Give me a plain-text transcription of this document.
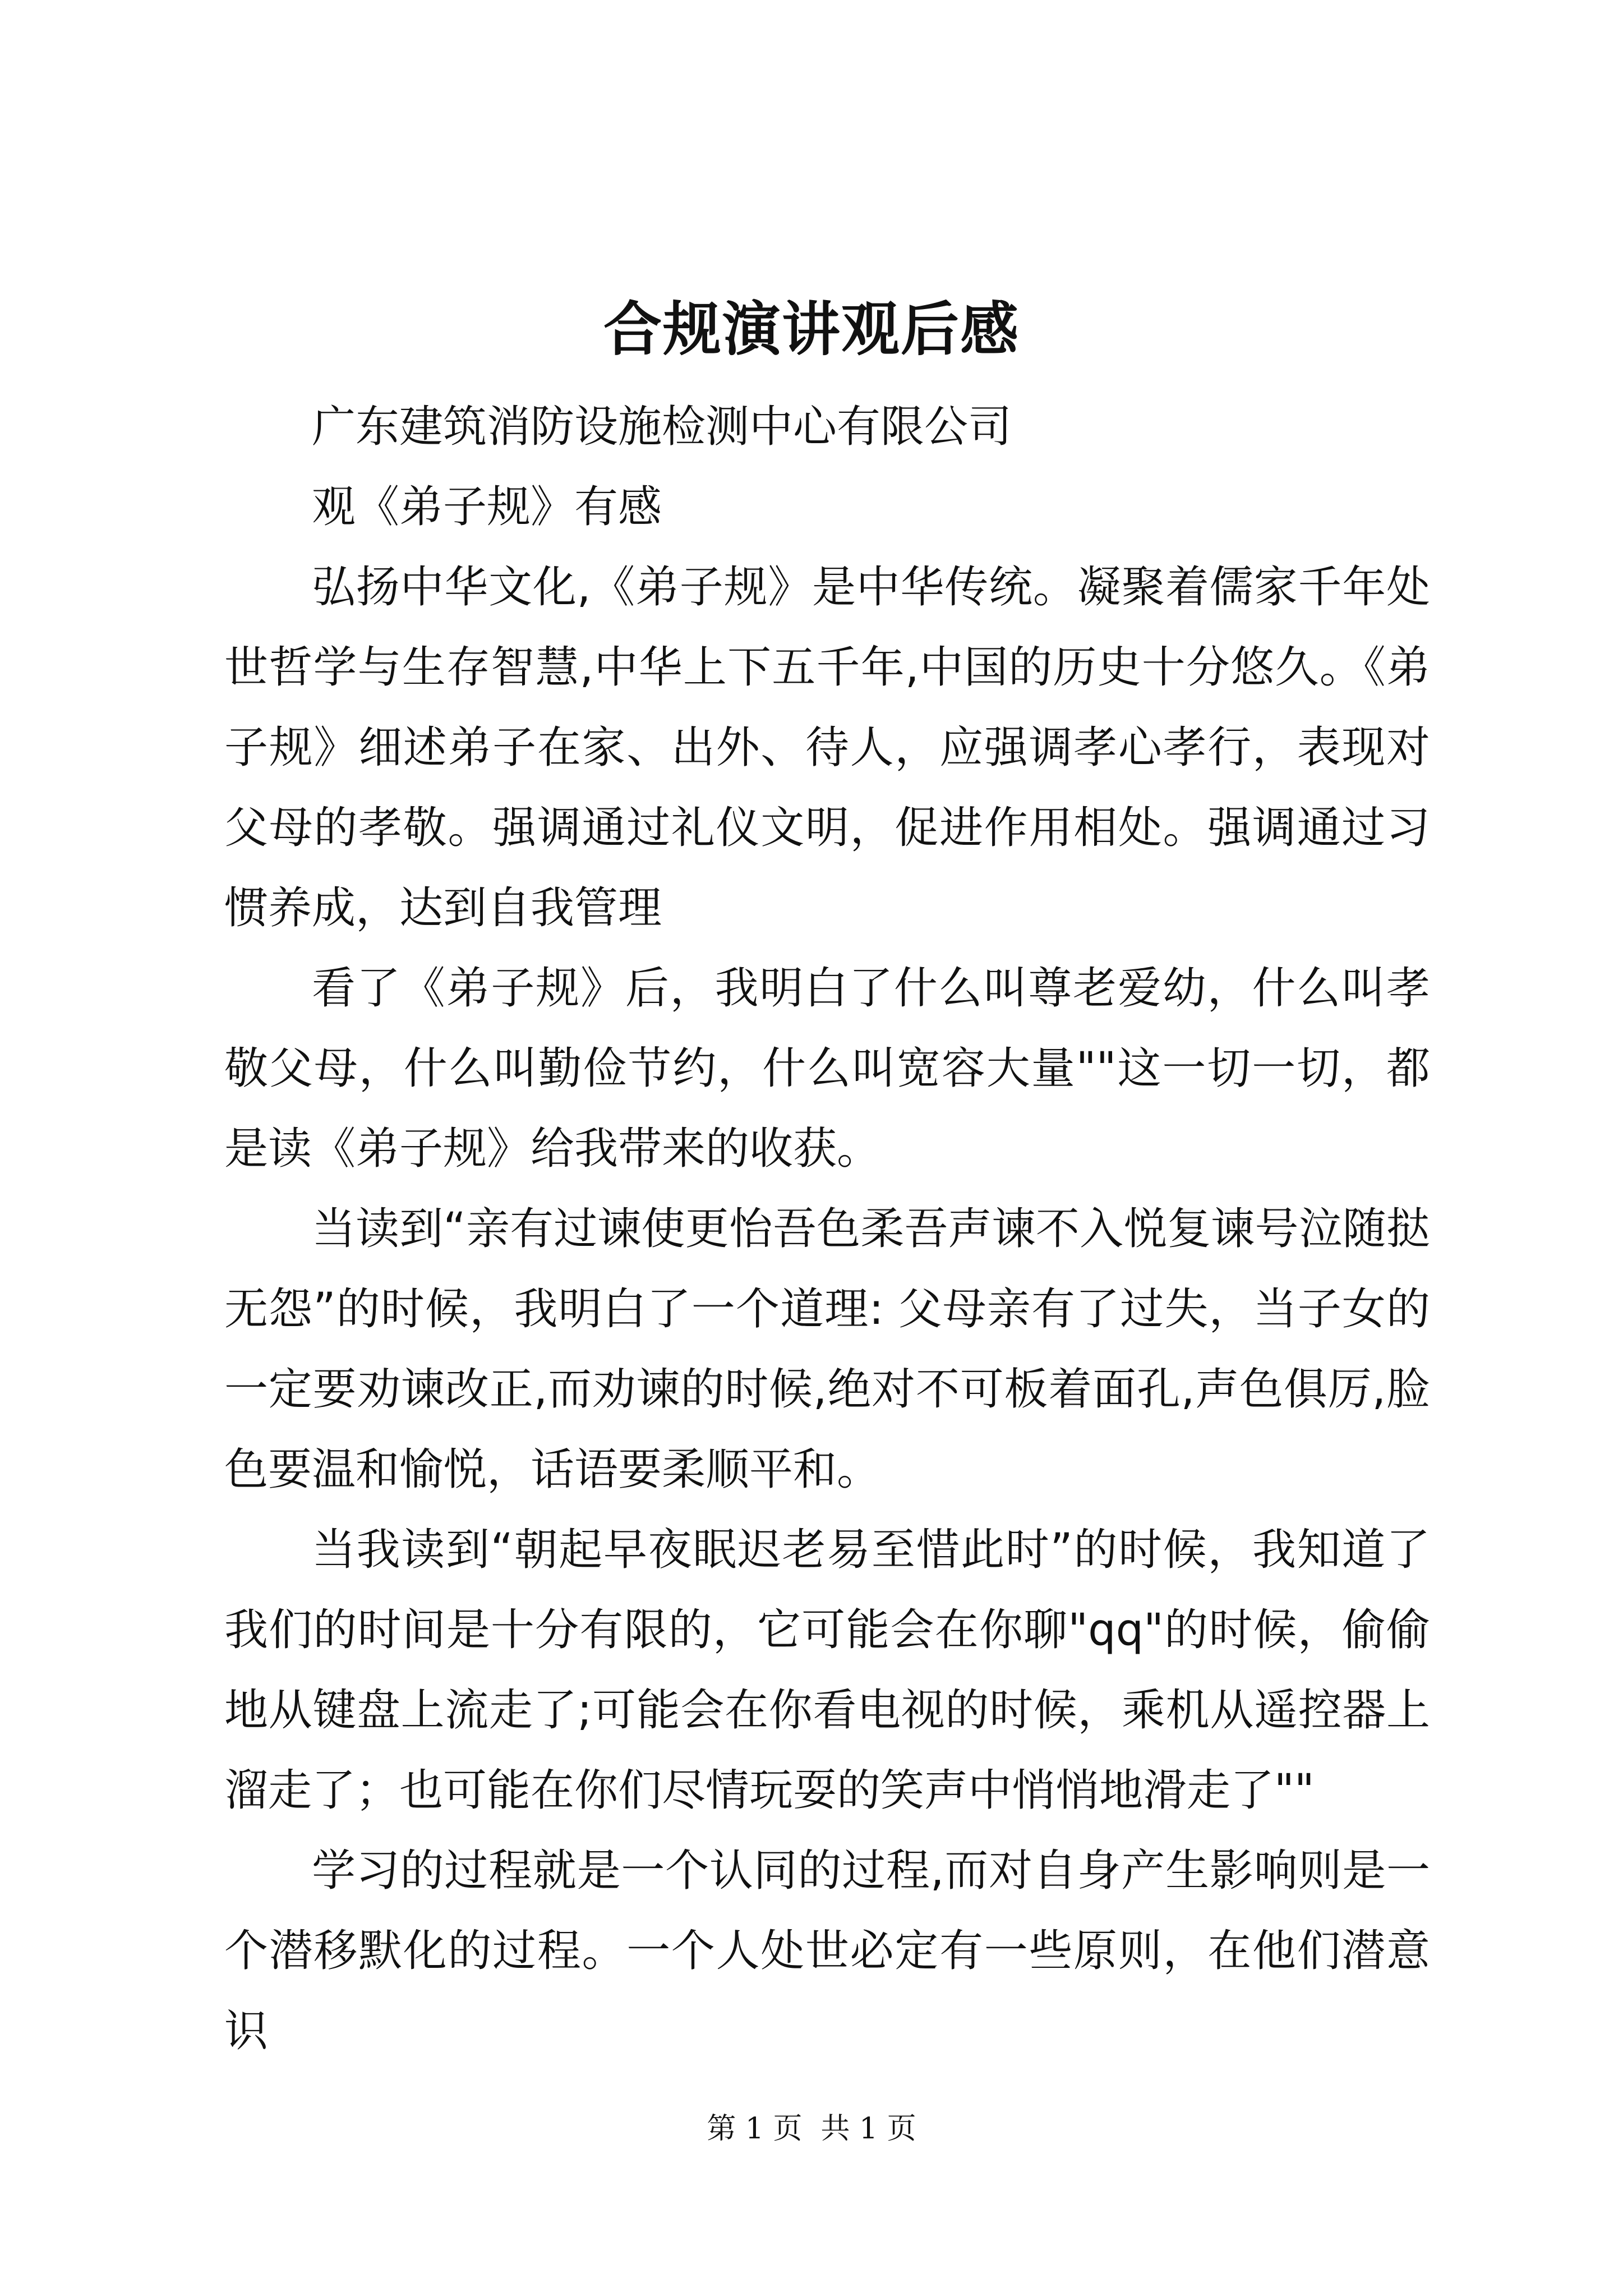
合规演讲观后感

广东建筑消防设施检测中心有限公司

观《弟子规》有感

弘扬中华文化,《弟子规》是中华传统。凝聚着儒家千年处世哲学与生存智慧,中华上下五千年,中国的历史十分悠久。《弟子规》细述弟子在家、出外、待人，应强调孝心孝行，表现对父母的孝敬。强调通过礼仪文明，促进作用相处。强调通过习惯养成，达到自我管理

看了《弟子规》后，我明白了什么叫尊老爱幼，什么叫孝敬父母，什么叫勤俭节约，什么叫宽容大量""这一切一切，都是读《弟子规》给我带来的收获。

当读到“亲有过谏使更怡吾色柔吾声谏不入悦复谏号泣随挞无怨”的时候，我明白了一个道理: 父母亲有了过失，当子女的一定要劝谏改正,而劝谏的时候,绝对不可板着面孔,声色俱厉,脸色要温和愉悦，话语要柔顺平和。

当我读到“朝起早夜眠迟老易至惜此时”的时候，我知道了我们的时间是十分有限的，它可能会在你聊"qq"的时候，偷偷地从键盘上流走了;可能会在你看电视的时候，乘机从遥控器上溜走了；也可能在你们尽情玩耍的笑声中悄悄地滑走了""

学习的过程就是一个认同的过程,而对自身产生影响则是一个潜移默化的过程。一个人处世必定有一些原则，在他们潜意识

第 1 页  共 1 页
